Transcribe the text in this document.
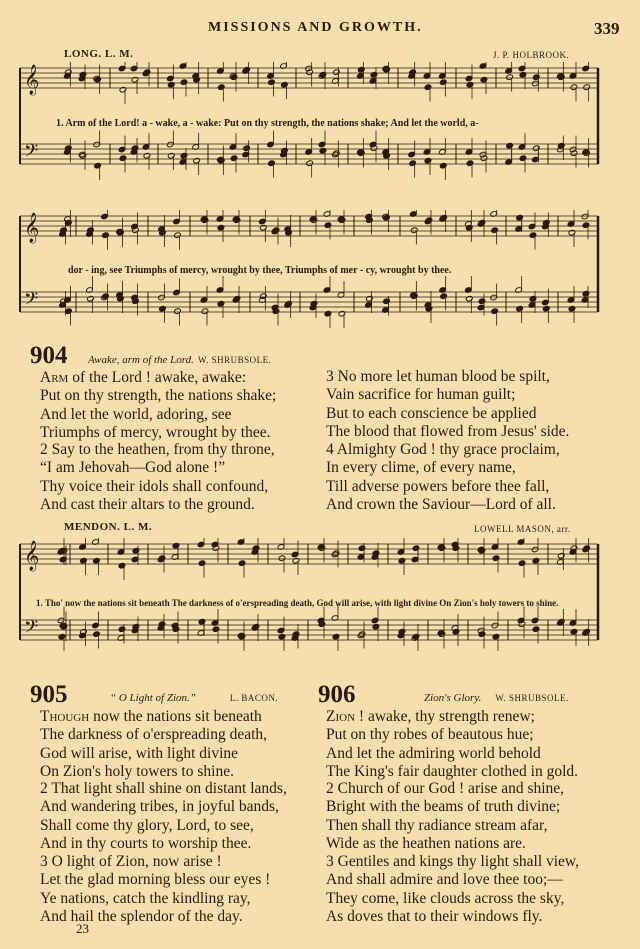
MISSIONS AND GROWTH.	339
LONG. L. M.	J. P. HOLBROOK.
𝄞
𝄢
1. Arm of the Lord! a - wake, a - wake: Put on thy strength, the nations shake; And let the world, a-
𝄞
𝄢
dor - ing, see Triumphs of mercy, wrought by thee, Triumphs of mer - cy, wrought by thee.
904 Awake, arm of the Lord. W. SHRUBSOLE.
Arm of the Lord ! awake, awake:
Put on thy strength, the nations shake;
And let the world, adoring, see
Triumphs of mercy, wrought by thee.
2 Say to the heathen, from thy throne,
“I am Jehovah—God alone !”
Thy voice their idols shall confound,
And cast their altars to the ground.
3 No more let human blood be spilt,
Vain sacrifice for human guilt;
But to each conscience be applied
The blood that flowed from Jesus' side.
4 Almighty God ! thy grace proclaim,
In every clime, of every name,
Till adverse powers before thee fall,
And crown the Saviour—Lord of all.
MENDON. L. M.	LOWELL MASON, arr.
𝄞
𝄢
1. Tho' now the nations sit beneath The darkness of o'erspreading death, God will arise, with light divine On Zion's holy towers to shine.
905	“ O Light of Zion.”	L. BACON.
Though now the nations sit beneath
The darkness of o'erspreading death,
God will arise, with light divine
On Zion's holy towers to shine.
2 That light shall shine on distant lands,
And wandering tribes, in joyful bands,
Shall come thy glory, Lord, to see,
And in thy courts to worship thee.
3 O light of Zion, now arise !
Let the glad morning bless our eyes !
Ye nations, catch the kindling ray,
And hail the splendor of the day.
906	Zion's Glory. W. SHRUBSOLE.
Zion ! awake, thy strength renew;
Put on thy robes of beautous hue;
And let the admiring world behold
The King's fair daughter clothed in gold.
2 Church of our God ! arise and shine,
Bright with the beams of truth divine;
Then shall thy radiance stream afar,
Wide as the heathen nations are.
3 Gentiles and kings thy light shall view,
And shall admire and love thee too;—
They come, like clouds across the sky,
As doves that to their windows fly.
23
